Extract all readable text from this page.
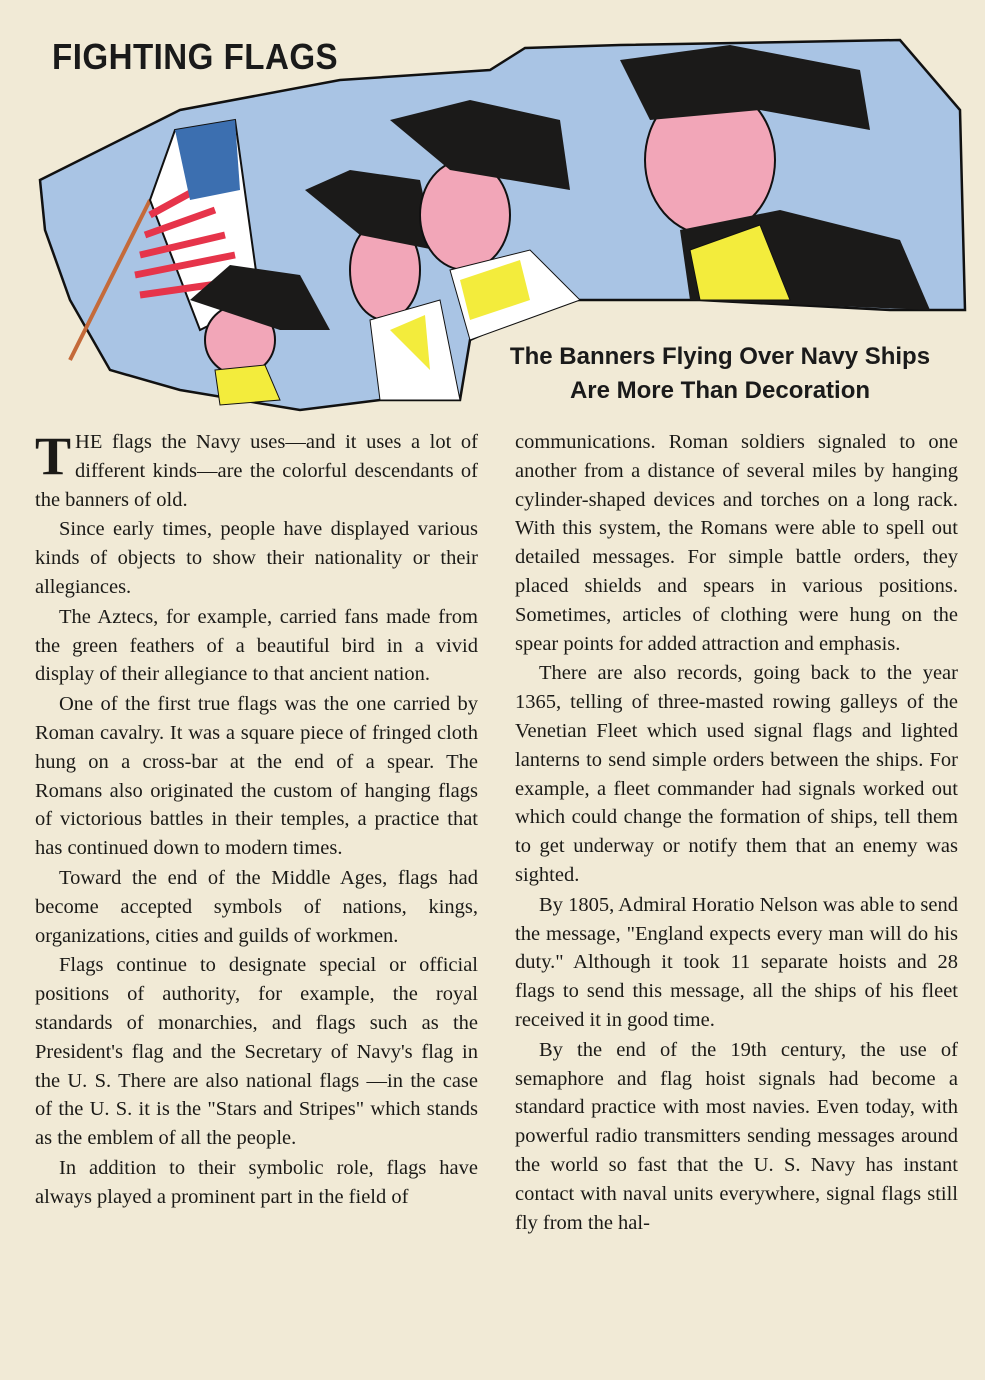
FIGHTING FLAGS
The Banners Flying Over Navy Ships
Are More Than Decoration

THE flags the Navy uses—and it uses a lot of different kinds—are the colorful descendants of the banners of old.

Since early times, people have displayed various kinds of objects to show their nationality or their allegiances.

The Aztecs, for example, carried fans made from the green feathers of a beautiful bird in a vivid display of their allegiance to that ancient nation.

One of the first true flags was the one carried by Roman cavalry. It was a square piece of fringed cloth hung on a cross-bar at the end of a spear. The Romans also originated the custom of hanging flags of victorious battles in their temples, a practice that has continued down to modern times.

Toward the end of the Middle Ages, flags had become accepted symbols of nations, kings, organizations, cities and guilds of workmen.

Flags continue to designate special or official positions of authority, for example, the royal standards of monarchies, and flags such as the President's flag and the Secretary of Navy's flag in the U. S. There are also national flags —in the case of the U. S. it is the "Stars and Stripes" which stands as the emblem of all the people.

In addition to their symbolic role, flags have always played a prominent part in the field of

communications. Roman soldiers signaled to one another from a distance of several miles by hanging cylinder-shaped devices and torches on a long rack. With this system, the Romans were able to spell out detailed messages. For simple battle orders, they placed shields and spears in various positions. Sometimes, articles of clothing were hung on the spear points for added attraction and emphasis.

There are also records, going back to the year 1365, telling of three-masted rowing galleys of the Venetian Fleet which used signal flags and lighted lanterns to send simple orders between the ships. For example, a fleet commander had signals worked out which could change the formation of ships, tell them to get underway or notify them that an enemy was sighted.

By 1805, Admiral Horatio Nelson was able to send the message, "England expects every man will do his duty." Although it took 11 separate hoists and 28 flags to send this message, all the ships of his fleet received it in good time.

By the end of the 19th century, the use of semaphore and flag hoist signals had become a standard practice with most navies. Even today, with powerful radio transmitters sending messages around the world so fast that the U. S. Navy has instant contact with naval units everywhere, signal flags still fly from the hal-
